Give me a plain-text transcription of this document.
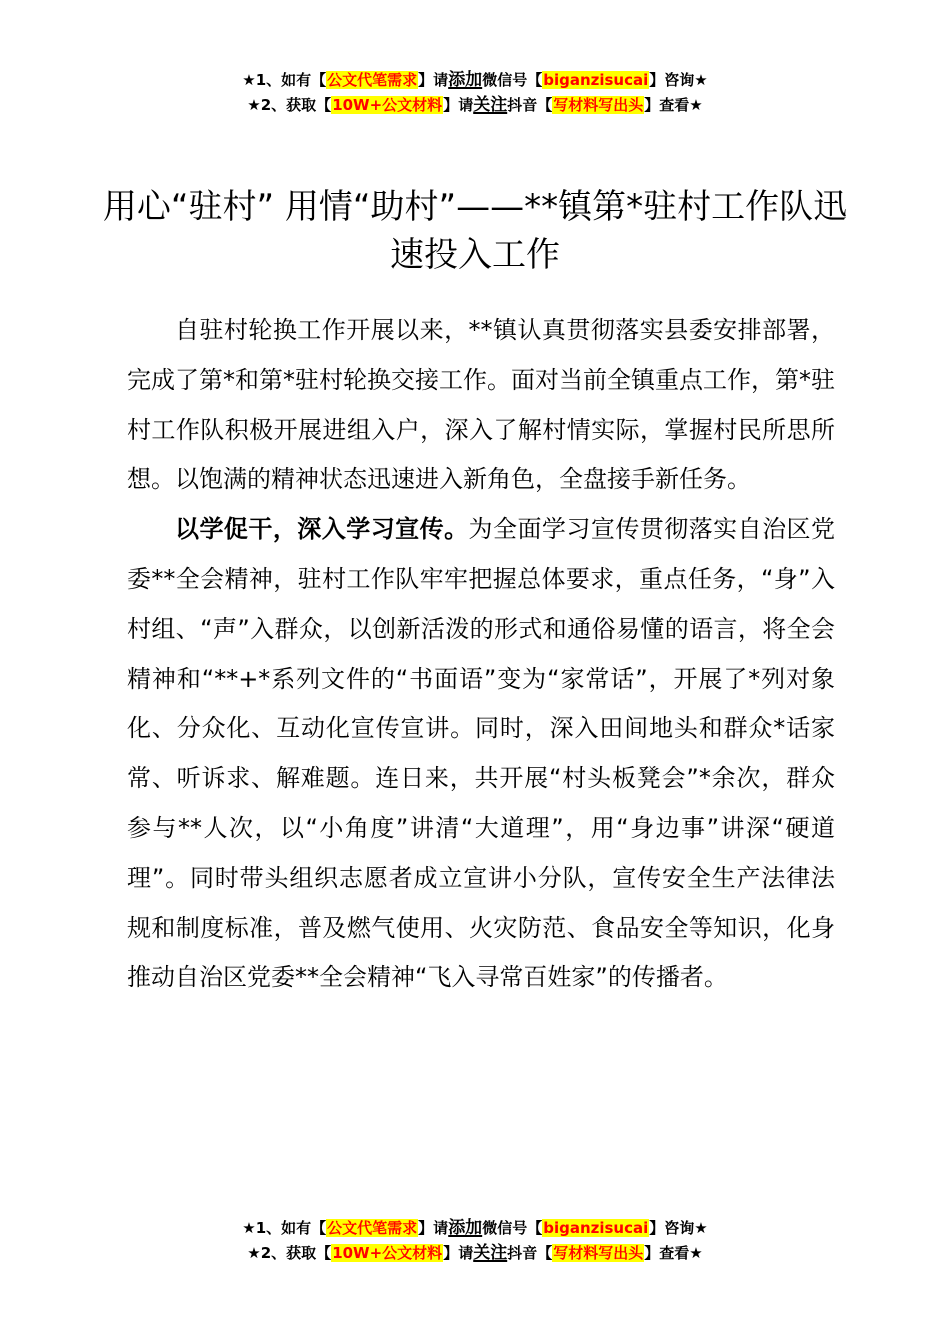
★1、如有【公文代笔需求】请添加微信号【biganzisucai】咨询★
★2、获取【10W+公文材料】请关注抖音【写材料写出头】查看★
用心“驻村” 用情“助村”——**镇第*驻村工作队迅速投入工作

自驻村轮换工作开展以来，**镇认真贯彻落实县委安排部署，完成了第*和第*驻村轮换交接工作。面对当前全镇重点工作，第*驻村工作队积极开展进组入户，深入了解村情实际，掌握村民所思所想。以饱满的精神状态迅速进入新角色，全盘接手新任务。

以学促干，深入学习宣传。为全面学习宣传贯彻落实自治区党委**全会精神，驻村工作队牢牢把握总体要求，重点任务，“身”入村组、“声”入群众，以创新活泼的形式和通俗易懂的语言，将全会精神和“**+*系列文件的“书面语”变为“家常话”，开展了*列对象化、分众化、互动化宣传宣讲。同时，深入田间地头和群众*话家常、听诉求、解难题。连日来，共开展“村头板凳会”*余次，群众参与**人次，以“小角度”讲清“大道理”，用“身边事”讲深“硬道理”。同时带头组织志愿者成立宣讲小分队，宣传安全生产法律法规和制度标准，普及燃气使用、火灾防范、食品安全等知识，化身推动自治区党委**全会精神“飞入寻常百姓家”的传播者。

★1、如有【公文代笔需求】请添加微信号【biganzisucai】咨询★
★2、获取【10W+公文材料】请关注抖音【写材料写出头】查看★
